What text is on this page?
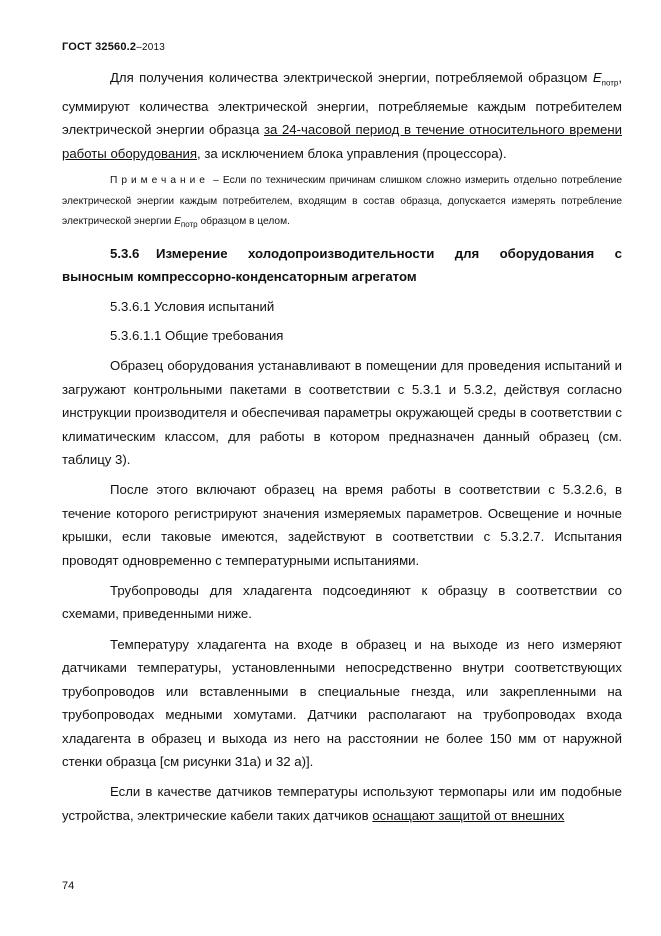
ГОСТ 32560.2–2013

Для получения количества электрической энергии, потребляемой образцом $E_{потр}$, суммируют количества электрической энергии, потребляемые каждым потребителем электрической энергии образца за 24-часовой период в течение относительного времени работы оборудования, за исключением блока управления (процессора).

Примечание – Если по техническим причинам слишком сложно измерить отдельно потребление электрической энергии каждым потребителем, входящим в состав образца, допускается измерять потребление электрической энергии $E_{потр}$ образцом в целом.

5.3.6 Измерение холодопроизводительности для оборудования с выносным компрессорно-конденсаторным агрегатом

5.3.6.1 Условия испытаний

5.3.6.1.1 Общие требования

Образец оборудования устанавливают в помещении для проведения испытаний и загружают контрольными пакетами в соответствии с 5.3.1 и 5.3.2, действуя согласно инструкции производителя и обеспечивая параметры окружающей среды в соответствии с климатическим классом, для работы в котором предназначен данный образец (см. таблицу 3).

После этого включают образец на время работы в соответствии с 5.3.2.6, в течение которого регистрируют значения измеряемых параметров. Освещение и ночные крышки, если таковые имеются, задействуют в соответствии с 5.3.2.7. Испытания проводят одновременно с температурными испытаниями.

Трубопроводы для хладагента подсоединяют к образцу в соответствии со схемами, приведенными ниже.

Температуру хладагента на входе в образец и на выходе из него измеряют датчиками температуры, установленными непосредственно внутри соответствующих трубопроводов или вставленными в специальные гнезда, или закрепленными на трубопроводах медными хомутами. Датчики располагают на трубопроводах входа хладагента в образец и выхода из него на расстоянии не более 150 мм от наружной стенки образца [см рисунки 31а) и 32 а)].

Если в качестве датчиков температуры используют термопары или им подобные устройства, электрические кабели таких датчиков оснащают защитой от внешних

74
